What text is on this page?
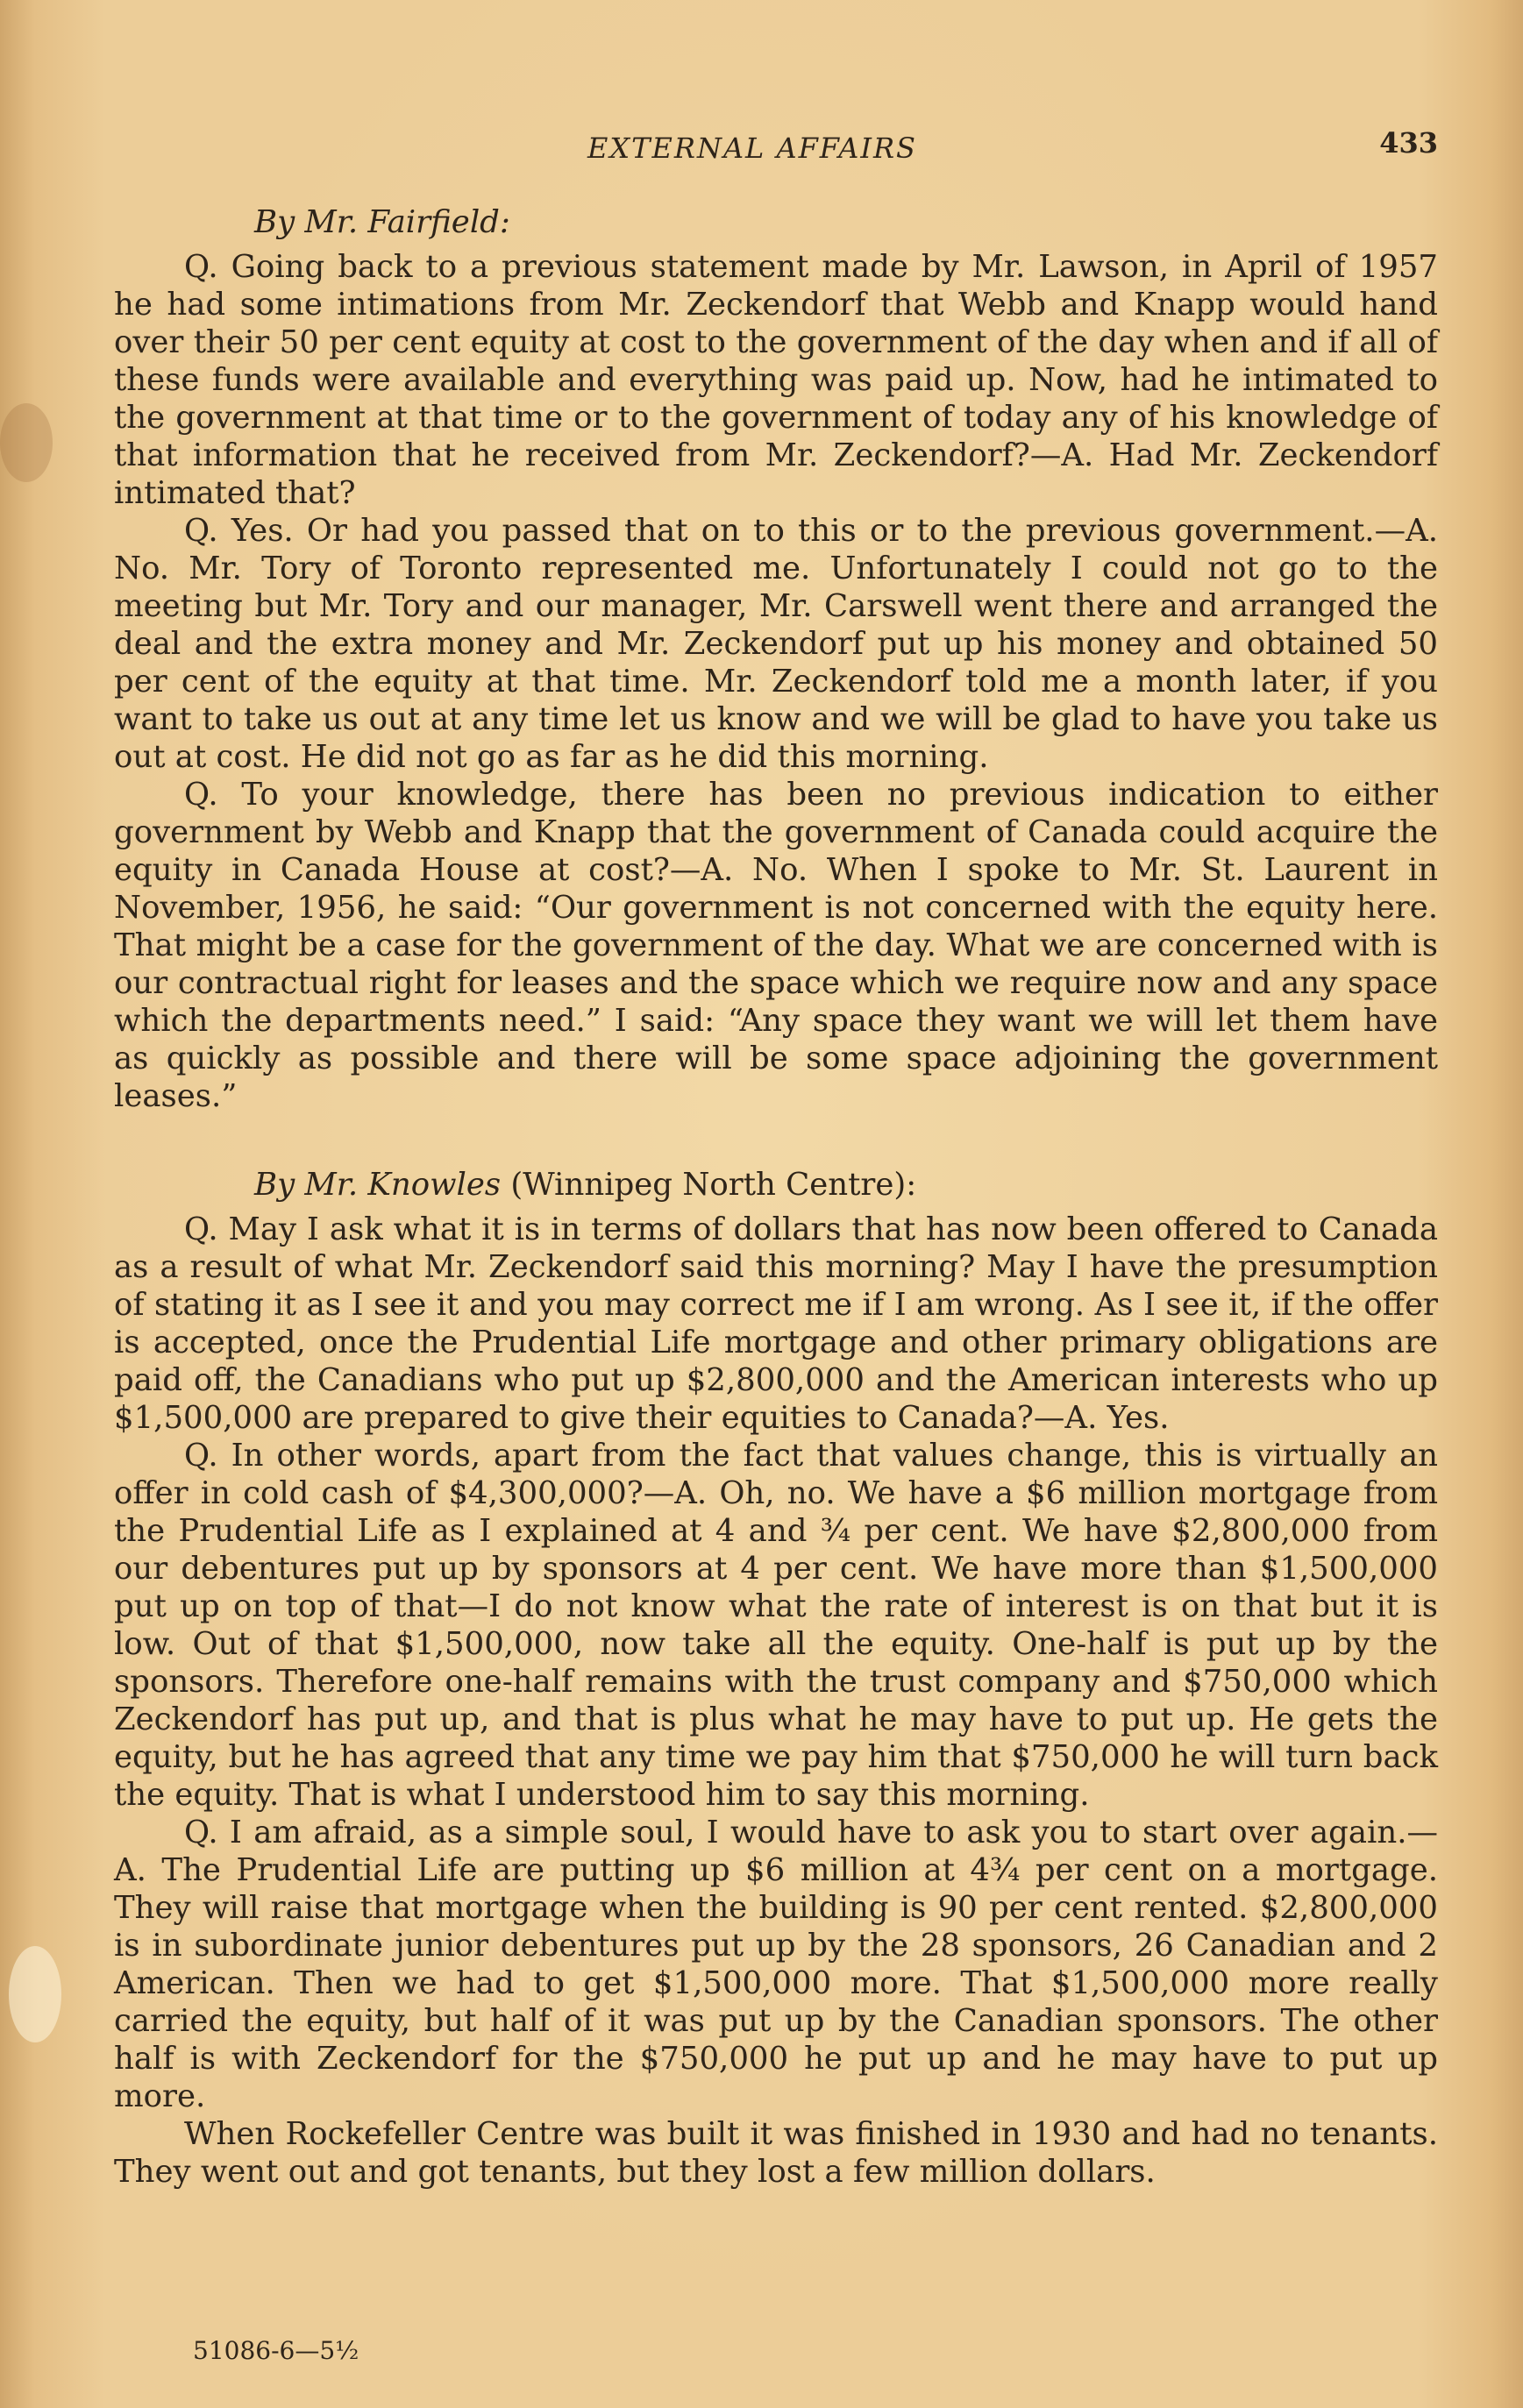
EXTERNAL AFFAIRS	433
By Mr. Fairfield:

Q. Going back to a previous statement made by Mr. Lawson, in April of 1957 he had some intimations from Mr. Zeckendorf that Webb and Knapp would hand over their 50 per cent equity at cost to the government of the day when and if all of these funds were available and everything was paid up. Now, had he intimated to the government at that time or to the government of today any of his knowledge of that information that he received from Mr. Zeckendorf?—A. Had Mr. Zeckendorf intimated that?

Q. Yes. Or had you passed that on to this or to the previous government.—A. No. Mr. Tory of Toronto represented me. Unfortunately I could not go to the meeting but Mr. Tory and our manager, Mr. Carswell went there and arranged the deal and the extra money and Mr. Zeckendorf put up his money and obtained 50 per cent of the equity at that time. Mr. Zeckendorf told me a month later, if you want to take us out at any time let us know and we will be glad to have you take us out at cost. He did not go as far as he did this morning.

Q. To your knowledge, there has been no previous indication to either government by Webb and Knapp that the government of Canada could acquire the equity in Canada House at cost?—A. No. When I spoke to Mr. St. Laurent in November, 1956, he said: “Our government is not concerned with the equity here. That might be a case for the government of the day. What we are concerned with is our contractual right for leases and the space which we require now and any space which the departments need.” I said: “Any space they want we will let them have as quickly as possible and there will be some space adjoining the government leases.”

By Mr. Knowles (Winnipeg North Centre):

Q. May I ask what it is in terms of dollars that has now been offered to Canada as a result of what Mr. Zeckendorf said this morning? May I have the presumption of stating it as I see it and you may correct me if I am wrong. As I see it, if the offer is accepted, once the Prudential Life mortgage and other primary obligations are paid off, the Canadians who put up $2,800,000 and the American interests who up $1,500,000 are prepared to give their equities to Canada?—A. Yes.

Q. In other words, apart from the fact that values change, this is virtually an offer in cold cash of $4,300,000?—A. Oh, no. We have a $6 million mortgage from the Prudential Life as I explained at 4 and ¾ per cent. We have $2,800,000 from our debentures put up by sponsors at 4 per cent. We have more than $1,500,000 put up on top of that—I do not know what the rate of interest is on that but it is low. Out of that $1,500,000, now take all the equity. One-half is put up by the sponsors. Therefore one-half remains with the trust company and $750,000 which Zeckendorf has put up, and that is plus what he may have to put up. He gets the equity, but he has agreed that any time we pay him that $750,000 he will turn back the equity. That is what I understood him to say this morning.

Q. I am afraid, as a simple soul, I would have to ask you to start over again.—A. The Prudential Life are putting up $6 million at 4¾ per cent on a mortgage. They will raise that mortgage when the building is 90 per cent rented. $2,800,000 is in subordinate junior debentures put up by the 28 sponsors, 26 Canadian and 2 American. Then we had to get $1,500,000 more. That $1,500,000 more really carried the equity, but half of it was put up by the Canadian sponsors. The other half is with Zeckendorf for the $750,000 he put up and he may have to put up more.

When Rockefeller Centre was built it was finished in 1930 and had no tenants. They went out and got tenants, but they lost a few million dollars.

51086-6—5½
